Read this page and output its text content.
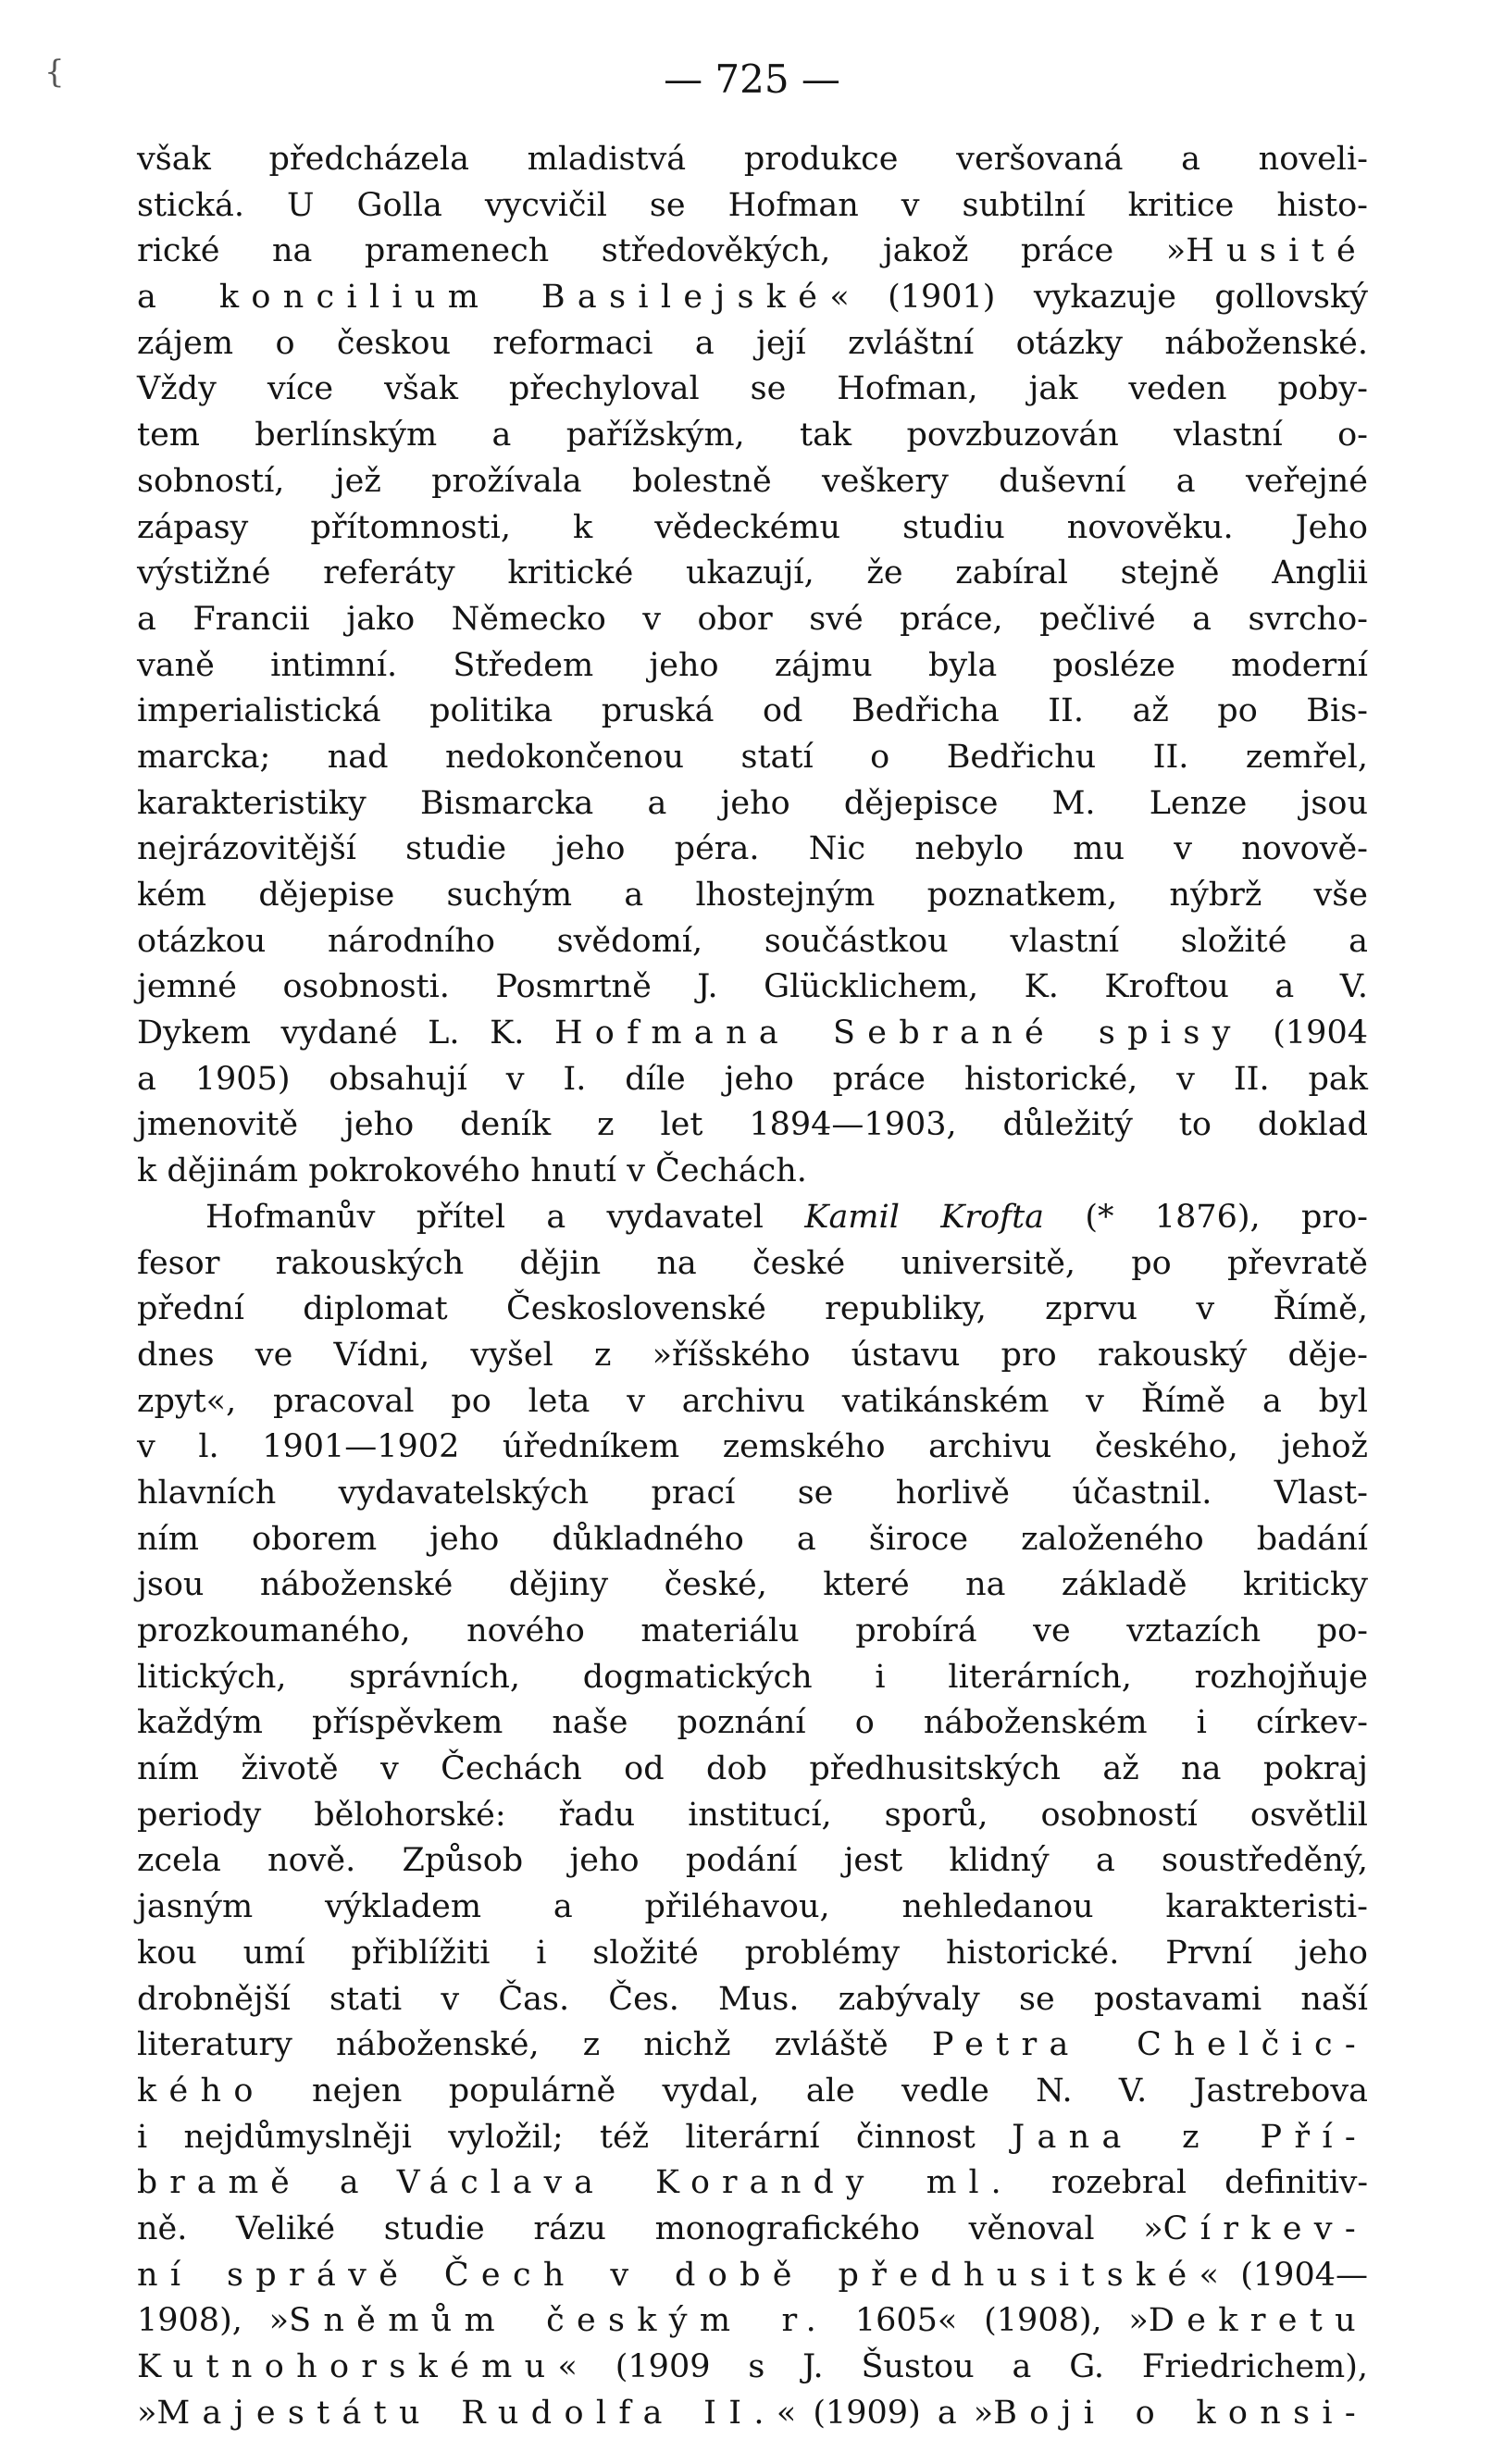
{	— 725 —
však předcházela mladistvá produkce veršovaná a noveli-
stická. U Golla vycvičil se Hofman v subtilní kritice histo-
rické na pramenech středověkých, jakož práce »Husité
a koncilium Basilejské« (1901) vykazuje gollovský
zájem o českou reformaci a její zvláštní otázky náboženské.
Vždy více však přechyloval se Hofman, jak veden poby-
tem berlínským a pařížským, tak povzbuzován vlastní o-
sobností, jež prožívala bolestně veškery duševní a veřejné
zápasy přítomnosti, k vědeckému studiu novověku. Jeho
výstižné referáty kritické ukazují, že zabíral stejně Anglii
a Francii jako Německo v obor své práce, pečlivé a svrcho-
vaně intimní. Středem jeho zájmu byla posléze moderní
imperialistická politika pruská od Bedřicha II. až po Bis-
marcka; nad nedokončenou statí o Bedřichu II. zemřel,
karakteristiky Bismarcka a jeho dějepisce M. Lenze jsou
nejrázovitější studie jeho péra. Nic nebylo mu v novově-
kém dějepise suchým a lhostejným poznatkem, nýbrž vše
otázkou národního svědomí, součástkou vlastní složité a
jemné osobnosti. Posmrtně J. Glücklichem, K. Kroftou a V.
Dykem vydané L. K. Hofmana Sebrané spisy (1904
a 1905) obsahují v I. díle jeho práce historické, v II. pak
jmenovitě jeho deník z let 1894—1903, důležitý to doklad
k dějinám pokrokového hnutí v Čechách.
Hofmanův přítel a vydavatel Kamil Krofta (* 1876), pro-
fesor rakouských dějin na české universitě, po převratě
přední diplomat Československé republiky, zprvu v Římě,
dnes ve Vídni, vyšel z »říšského ústavu pro rakouský děje-
zpyt«, pracoval po leta v archivu vatikánském v Římě a byl
v l. 1901—1902 úředníkem zemského archivu českého, jehož
hlavních vydavatelských prací se horlivě účastnil. Vlast-
ním oborem jeho důkladného a široce založeného badání
jsou náboženské dějiny české, které na základě kriticky
prozkoumaného, nového materiálu probírá ve vztazích po-
litických, správních, dogmatických i literárních, rozhojňuje
každým příspěvkem naše poznání o náboženském i církev-
ním životě v Čechách od dob předhusitských až na pokraj
periody bělohorské: řadu institucí, sporů, osobností osvětlil
zcela nově. Způsob jeho podání jest klidný a soustředěný,
jasným výkladem a přiléhavou, nehledanou karakteristi-
kou umí přiblížiti i složité problémy historické. První jeho
drobnější stati v Čas. Čes. Mus. zabývaly se postavami naší
literatury náboženské, z nichž zvláště Petra Chelčic-
kého nejen populárně vydal, ale vedle N. V. Jastrebova
i nejdůmyslněji vyložil; též literární činnost Jana z Pří-
bramě a Václava Korandy ml. rozebral definitiv-
ně. Veliké studie rázu monografického věnoval »Církev-
ní správě Čech v době předhusitské« (1904—
1908), »Sněmům českým r. 1605« (1908), »Dekretu
Kutnohorskému« (1909 s J. Šustou a G. Friedrichem),
»Majestátu Rudolfa II.« (1909) a »Boji o konsi-
